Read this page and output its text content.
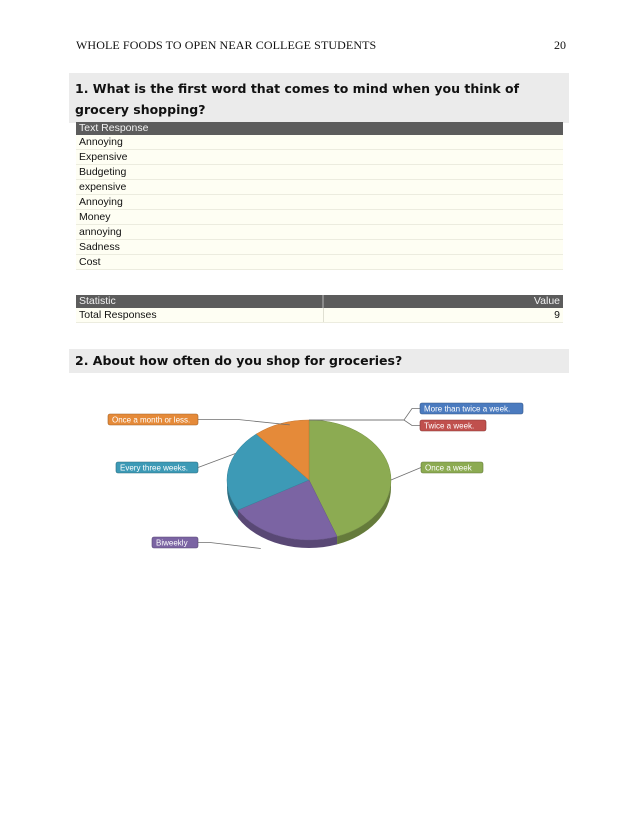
WHOLE FOODS TO OPEN NEAR COLLEGE STUDENTS	20
1. What is the first word that comes to mind when you think of
grocery shopping?
Text Response
Annoying
Expensive
Budgeting
expensive
Annoying
Money
annoying
Sadness
Cost
Statistic	Value
Total Responses	9
2. About how often do you shop for groceries?
Once a week
Biweekly
Every three weeks.
Once a month or less.
More than twice a week.
Twice a week.
